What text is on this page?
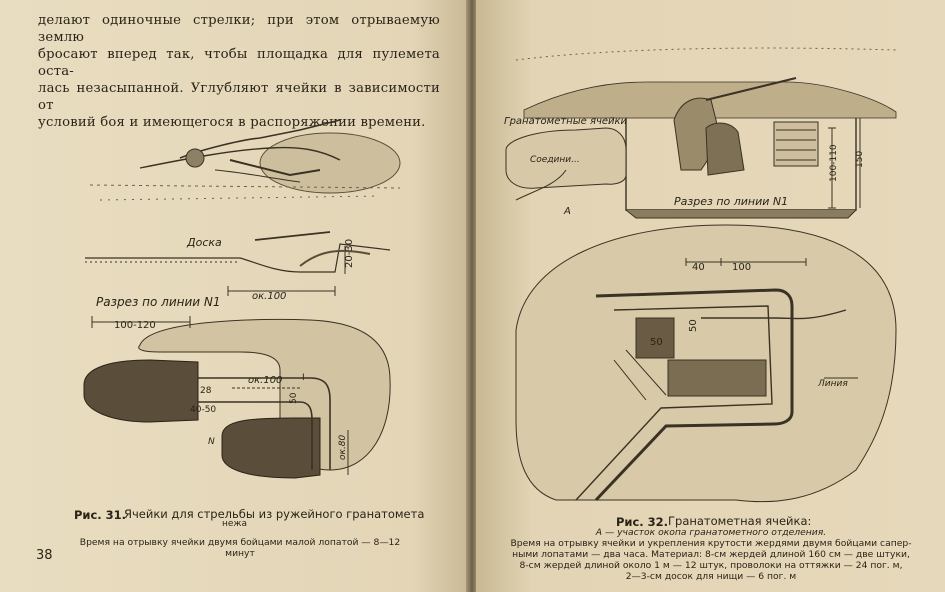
делают одиночные стрелки; при этом отрываемую землю
бросают вперед так, чтобы площадка для пулемета оста-
лась незасыпанной. Углубляют ячейки в зависимости от
условий боя и имеющегося в распоряжении времени.
Доска
ок.100
20-30
Разрез по линии N1
100-120
ок.100
28
40-50
50
ок.80
N
I
Рис. 31.
Ячейки для стрельбы из ружейного гранатомета
нежа
Время на отрывку ячейки двумя бойцами малой лопатой — 8—12 минут
38
Гранатометные ячейки
Соедини...
А
Разрез по линии N1
100-110 150
40	100
50
50
Линия
Рис. 32. Гранатометная ячейка:
А — участок окопа гранатометного отделения.
Время на отрывку ячейки и укрепления крутости жердями двумя бойцами сапер-
ными лопатами — два часа. Материал: 8-см жердей длиной 160 см — две штуки,
8-см жердей длиной около 1 м — 12 штук, проволоки на оттяжки — 24 пог. м,
2—3-см досок для нищи — 6 пог. м
